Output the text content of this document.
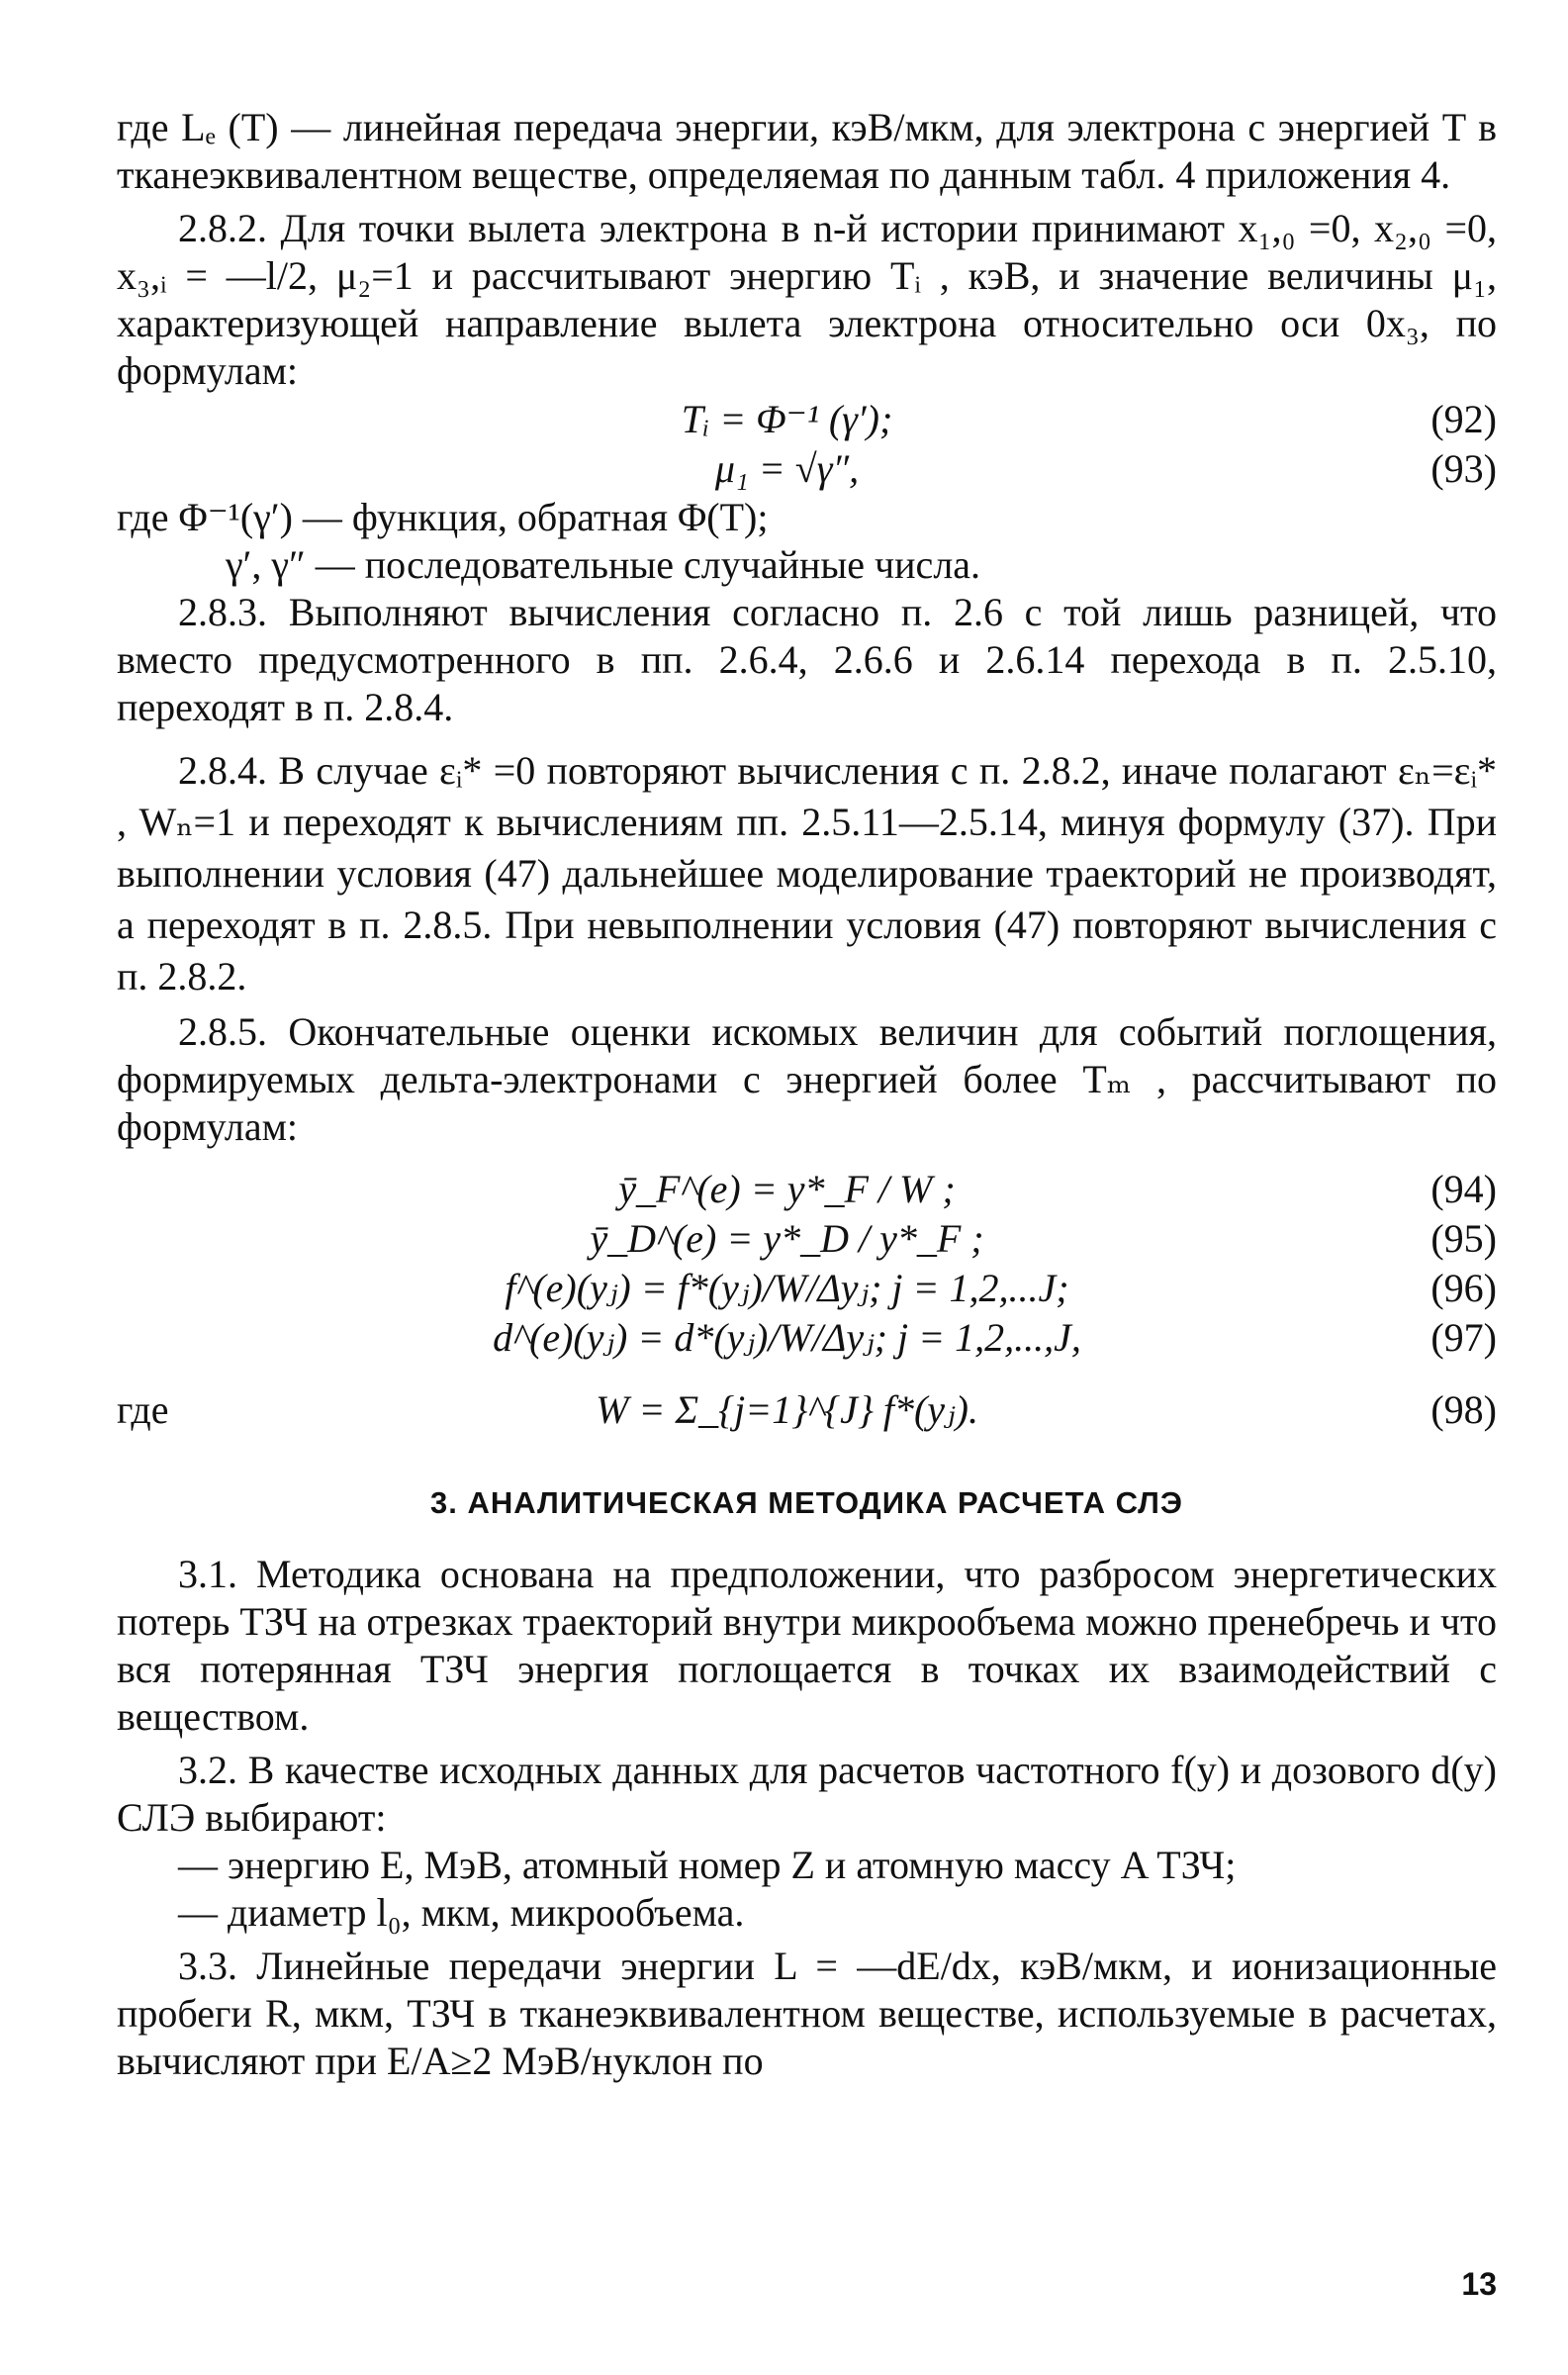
где Lₑ (T) — линейная передача энергии, кэВ/мкм, для электрона с энергией T в тканеэквивалентном веществе, определяемая по данным табл. 4 приложения 4.

2.8.2. Для точки вылета электрона в n-й истории принимают x₁,₀ =0, x₂,₀ =0, x₃,ᵢ = —l/2, μ₂=1 и рассчитывают энергию Tᵢ , кэВ, и значение величины μ₁, характеризующей направление вылета электрона относительно оси 0x₃, по формулам:

Tᵢ = Φ⁻¹ (γ′);	(92)
μ₁ = √γ″,	(93)

где Φ⁻¹(γ′) — функция, обратная Φ(T);

γ′, γ″ — последовательные случайные числа.

2.8.3. Выполняют вычисления согласно п. 2.6 с той лишь разницей, что вместо предусмотренного в пп. 2.6.4, 2.6.6 и 2.6.14 перехода в п. 2.5.10, переходят в п. 2.8.4.

2.8.4. В случае εᵢ* =0 повторяют вычисления с п. 2.8.2, иначе полагают εₙ=εᵢ* , Wₙ=1 и переходят к вычислениям пп. 2.5.11—2.5.14, минуя формулу (37). При выполнении условия (47) дальнейшее моделирование траекторий не производят, а переходят в п. 2.8.5. При невыполнении условия (47) повторяют вычисления с п. 2.8.2.

2.8.5. Окончательные оценки искомых величин для событий поглощения, формируемых дельта-электронами с энергией более Tₘ , рассчитывают по формулам:

ȳ_F^(e) = y*_F / W ;	(94)
ȳ_D^(e) = y*_D / y*_F ;	(95)
f^(e)(yⱼ) = f*(yⱼ)/W/Δyⱼ; j = 1,2,...J;	(96)
d^(e)(yⱼ) = d*(yⱼ)/W/Δyⱼ; j = 1,2,...,J,	(97)
где	W = Σ_{j=1}^{J} f*(yⱼ).	(98)
3. АНАЛИТИЧЕСКАЯ МЕТОДИКА РАСЧЕТА СЛЭ

3.1. Методика основана на предположении, что разбросом энергетических потерь ТЗЧ на отрезках траекторий внутри микрообъема можно пренебречь и что вся потерянная ТЗЧ энергия поглощается в точках их взаимодействий с веществом.

3.2. В качестве исходных данных для расчетов частотного f(y) и дозового d(y) СЛЭ выбирают:

— энергию E, МэВ, атомный номер Z и атомную массу A ТЗЧ;

— диаметр l₀, мкм, микрообъема.

3.3. Линейные передачи энергии L = —dE/dx, кэВ/мкм, и ионизационные пробеги R, мкм, ТЗЧ в тканеэквивалентном веществе, используемые в расчетах, вычисляют при E/A≥2 МэВ/нуклон по

13
